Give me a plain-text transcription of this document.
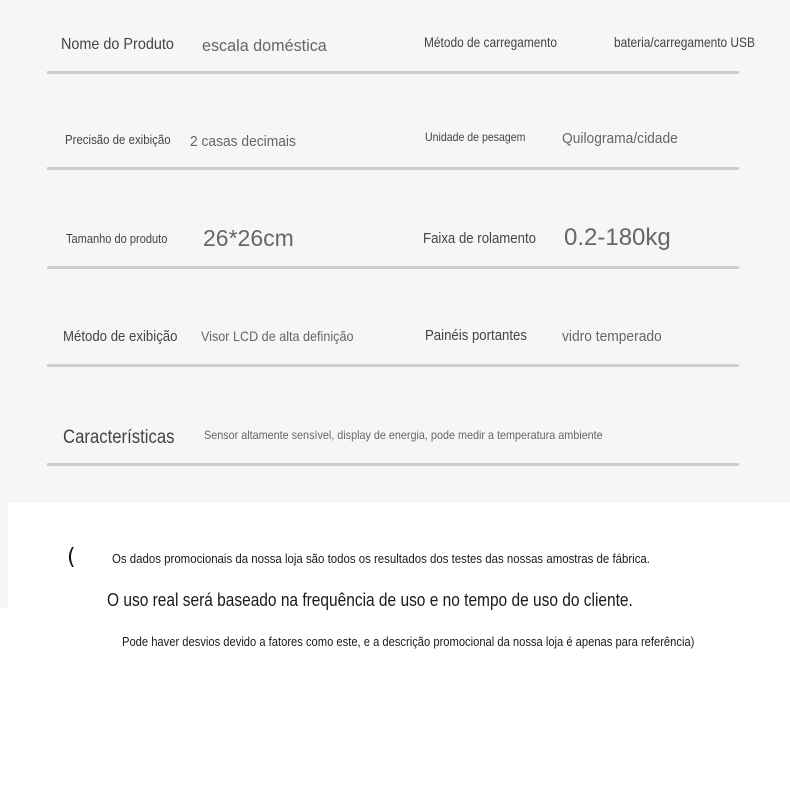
Nome do Produto escala doméstica	Método de carregamento	bateria/carregamento USB
Precisão de exibição 2 casas decimais	Unidade de pesagem Quilograma/cidade
Tamanho do produto 26*26cm	Faixa de rolamento 0.2-180kg
Método de exibição Visor LCD de alta definição	Painéis portantes vidro temperado
Características Sensor altamente sensível, display de energia, pode medir a temperatura ambiente
(	Os dados promocionais da nossa loja são todos os resultados dos testes das nossas amostras de fábrica.
O uso real será baseado na frequência de uso e no tempo de uso do cliente.
Pode haver desvios devido a fatores como este, e a descrição promocional da nossa loja é apenas para referência)
